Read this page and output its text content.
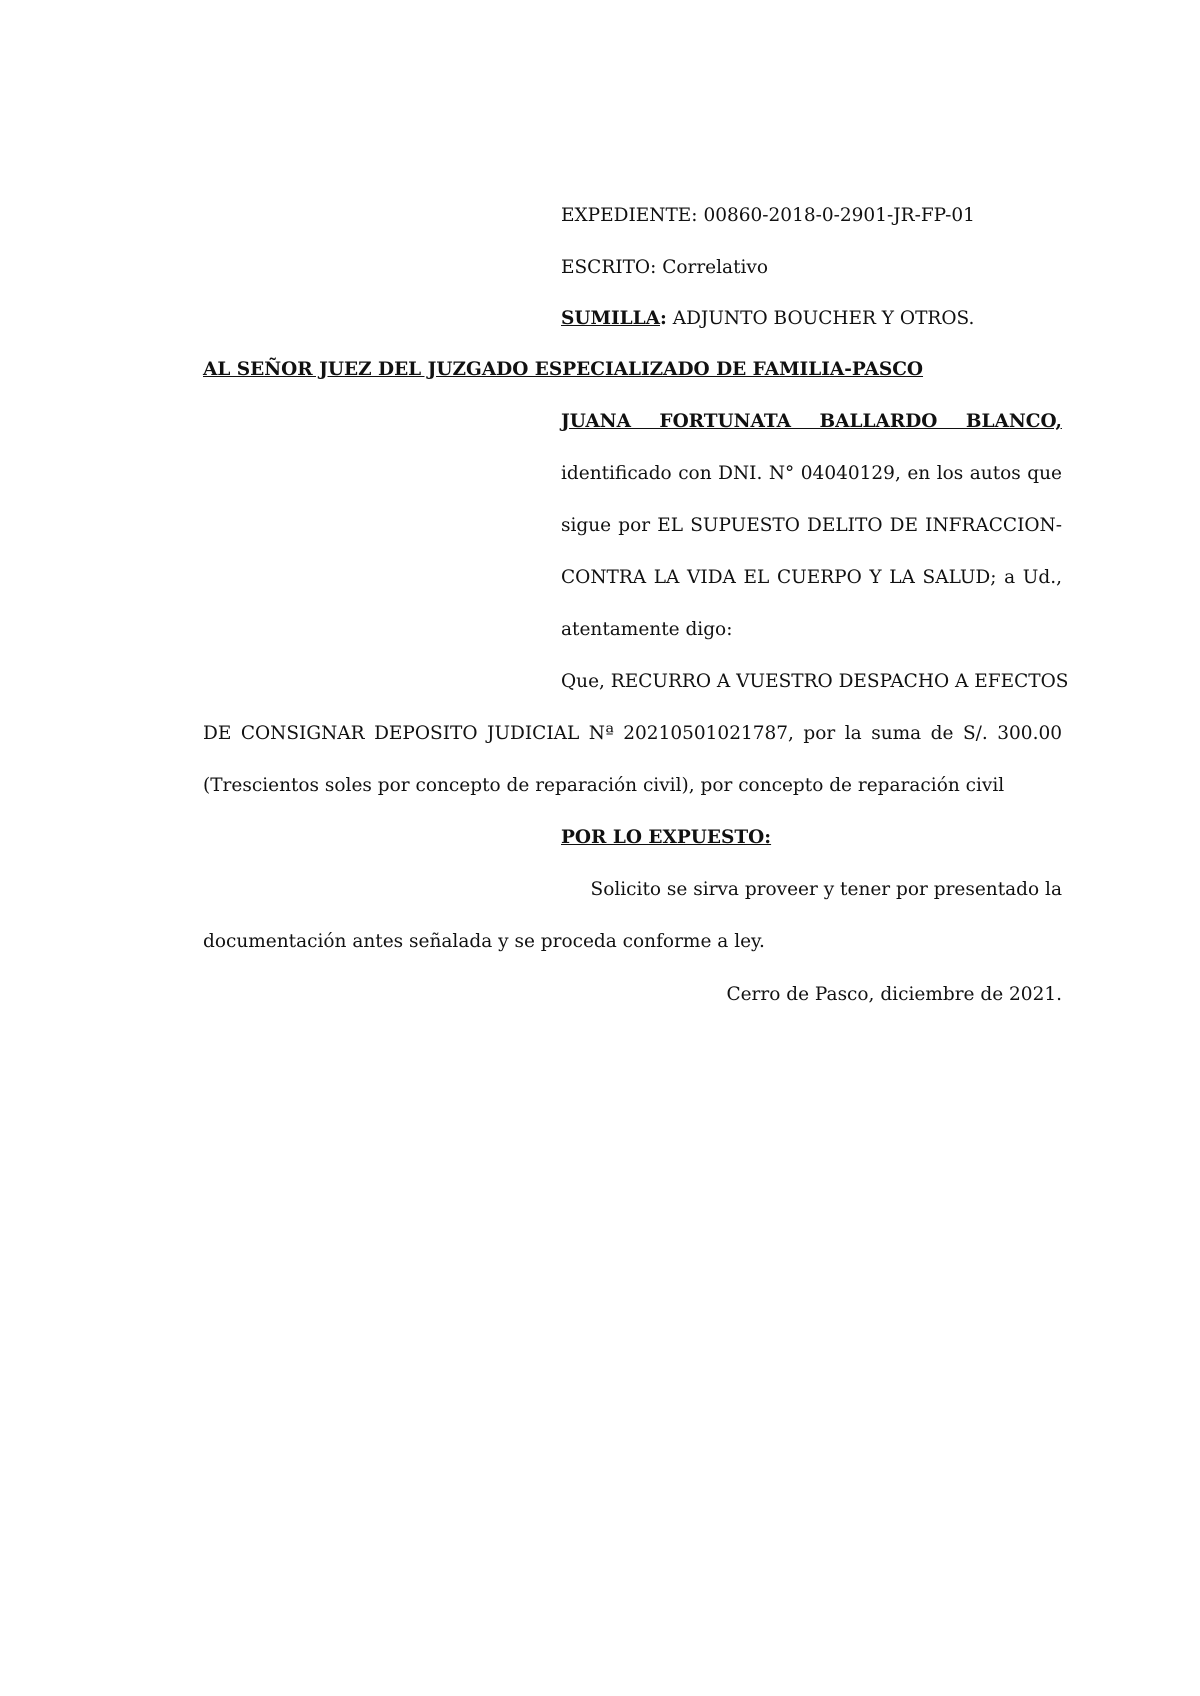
EXPEDIENTE: 00860-2018-0-2901-JR-FP-01
ESCRITO: Correlativo
SUMILLA: ADJUNTO BOUCHER Y OTROS.
AL SEÑOR JUEZ DEL JUZGADO ESPECIALIZADO DE FAMILIA-PASCO
JUANA FORTUNATA BALLARDO BLANCO,
identificado con DNI. N° 04040129, en los autos que
sigue por EL SUPUESTO DELITO DE INFRACCION-
CONTRA LA VIDA EL CUERPO Y LA SALUD; a Ud.,
atentamente digo:
Que, RECURRO A VUESTRO DESPACHO A EFECTOS
DE CONSIGNAR DEPOSITO JUDICIAL Nª 20210501021787, por la suma de S/. 300.00
(Trescientos soles por concepto de reparación civil), por concepto de reparación civil
POR LO EXPUESTO:
Solicito se sirva proveer y tener por presentado la
documentación antes señalada y se proceda conforme a ley.
Cerro de Pasco, diciembre de 2021.
